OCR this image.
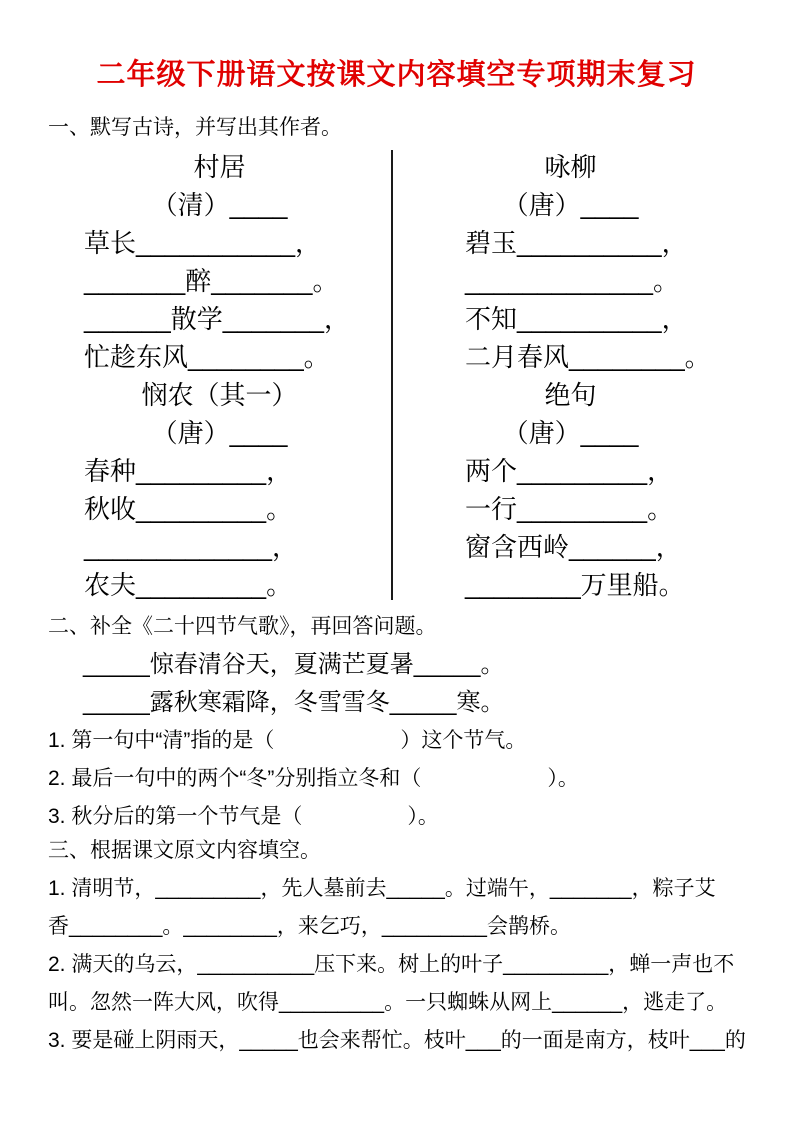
二年级下册语文按课文内容填空专项期末复习
一、默写古诗，并写出其作者。
村居
（清）____
草长___________，
_______醉_______。
______散学_______，
忙趁东风________。
悯农（其一）
（唐）____
春种_________，
秋收_________。
_____________，
农夫_________。
咏柳
（唐）____
碧玉__________，
_____________。
不知__________，
二月春风________。
绝句
（唐）____
两个_________，
一行_________。
窗含西岭______，
________万里船。
二、补全《二十四节气歌》，再回答问题。
_____惊春清谷天，夏满芒夏暑_____。
_____露秋寒霜降，冬雪雪冬_____寒。
1. 第一句中“清”指的是（　　　　　　）这个节气。
2. 最后一句中的两个“冬”分别指立冬和（　　　　　　）。
3. 秋分后的第一个节气是（　　　　　）。
三、根据课文原文内容填空。
1. 清明节，_________，先人墓前去_____。过端午，_______，粽子艾
香________。________，来乞巧，_________会鹊桥。
2. 满天的乌云，__________压下来。树上的叶子_________，蝉一声也不
叫。忽然一阵大风，吹得_________。一只蜘蛛从网上______，逃走了。
3. 要是碰上阴雨天，_____也会来帮忙。枝叶___的一面是南方，枝叶___的
